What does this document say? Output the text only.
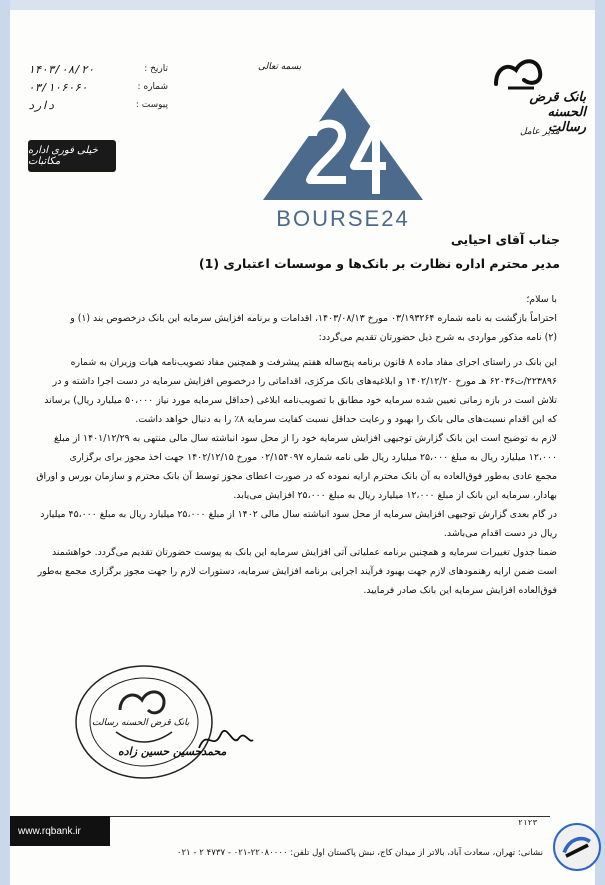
تاریخ :
۱۴۰۳/۰۸/۲۰
شماره :
۰۳/۱۰۶۰۶۰
پیوست :
دارد
خیلی فوری اداره مکاتبات
بسمه تعالی
بانک قرض الحسنه
رسالت
مدیر عامل
BOURSE24
جناب آقای احیایی
مدیر محترم اداره نظارت بر بانک‌ها و موسسات اعتباری (1)

با سلام؛

احتراماً بازگشت به نامه شماره ۰۳/۱۹۳۲۶۴ مورخ ۱۴۰۳/۰۸/۱۳، اقدامات و برنامه افزایش سرمایه این بانک درخصوص بند (۱) و

(۲) نامه مذکور مواردی به شرح ذیل حضورتان تقدیم می‌گردد:

این بانک در راستای اجرای مفاد ماده ۸ قانون برنامه پنج‌ساله هفتم پیشرفت و همچنین مفاد تصویب‌نامه هیات وزیران به شماره

۲۲۳۸۹۶/ت۶۲۰۳۶ هـ مورخ ۱۴۰۲/۱۲/۲۰ و ابلاغیه‌های بانک مرکزی، اقداماتی را درخصوص افزایش سرمایه در دست اجرا داشته و در

تلاش است در بازه زمانی تعیین شده سرمایه خود مطابق با تصویب‌نامه ابلاغی (حداقل سرمایه مورد نیاز ۵۰،۰۰۰ میلیارد ریال) برساند

که این اقدام نسبت‌های مالی بانک را بهبود و رعایت حداقل نسبت کفایت سرمایه ۸٪ را به دنبال خواهد داشت.

لازم به توضیح است این بانک گزارش توجیهی افزایش سرمایه خود را از محل سود انباشته سال مالی منتهی به ۱۴۰۱/۱۲/۲۹ از مبلغ

۱۲،۰۰۰ میلیارد ریال به مبلغ ۲۵،۰۰۰ میلیارد ریال طی نامه شماره ۰۲/۱۵۴۰۹۷ مورخ ۱۴۰۲/۱۲/۱۵ جهت اخذ مجوز برای برگزاری

مجمع عادی به‌طور فوق‌العاده به آن بانک محترم ارایه نموده که در صورت اعطای مجوز توسط آن بانک محترم و سازمان بورس و اوراق

بهادار، سرمایه این بانک از مبلغ ۱۲،۰۰۰ میلیارد ریال به مبلغ ۲۵،۰۰۰ افزایش می‌یابد.

در گام بعدی گزارش توجیهی افزایش سرمایه از محل سود انباشته سال مالی ۱۴۰۲ از مبلغ ۲۵،۰۰۰ میلیارد ریال به مبلغ ۴۵،۰۰۰ میلیارد

ریال در دست اقدام می‌باشد.

ضمنا جدول تغییرات سرمایه و همچنین برنامه عملیاتی آتی افزایش سرمایه این بانک به پیوست حضورتان تقدیم می‌گردد. خواهشمند

است ضمن ارایه رهنمودهای لازم جهت بهبود فرآیند اجرایی برنامه افزایش سرمایه، دستورات لازم را جهت مجوز برگزاری مجمع به‌طور

فوق‌العاده افزایش سرمایه این بانک صادر فرمایید.

بانک قرض الحسنه رسالت
محمدحسین حسین زاده
www.rqbank.ir
۲۱۲۳
نشانی: تهران، سعادت آباد، بالاتر از میدان کاج، نبش پاکستان اول تلفن: ۲۲۰۸۰۰۰۰-۰۲۱ - ۴۷۳۷ ۲ - ۰۲۱
